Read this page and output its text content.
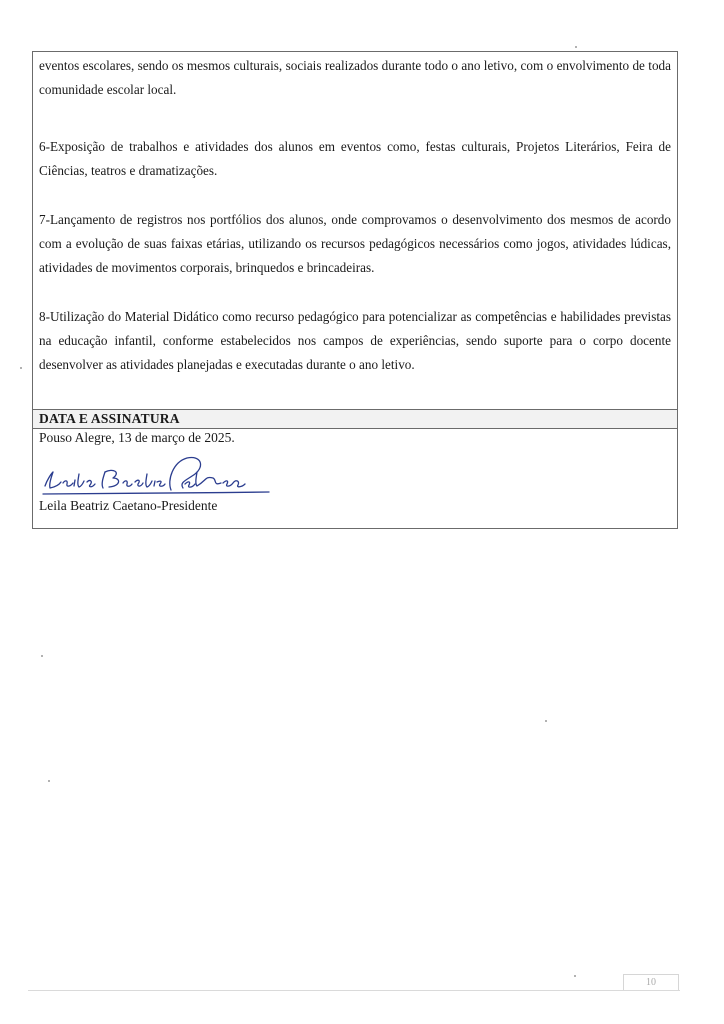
eventos escolares, sendo os mesmos culturais, sociais realizados durante todo o ano letivo, com o envolvimento de toda comunidade escolar local.
6-Exposição de trabalhos e atividades dos alunos em eventos como, festas culturais, Projetos Literários, Feira de Ciências, teatros e dramatizações.
7-Lançamento de registros nos portfólios dos alunos, onde comprovamos o desenvolvimento dos mesmos de acordo com a evolução de suas faixas etárias, utilizando os recursos pedagógicos necessários como jogos, atividades lúdicas, atividades de movimentos corporais, brinquedos e brincadeiras.
8-Utilização do Material Didático como recurso pedagógico para potencializar as competências e habilidades previstas na educação infantil, conforme estabelecidos nos campos de experiências, sendo suporte para o corpo docente desenvolver as atividades planejadas e executadas durante o ano letivo.
DATA E ASSINATURA
Pouso Alegre, 13 de março de 2025.
Leila Beatriz Caetano-Presidente
10
